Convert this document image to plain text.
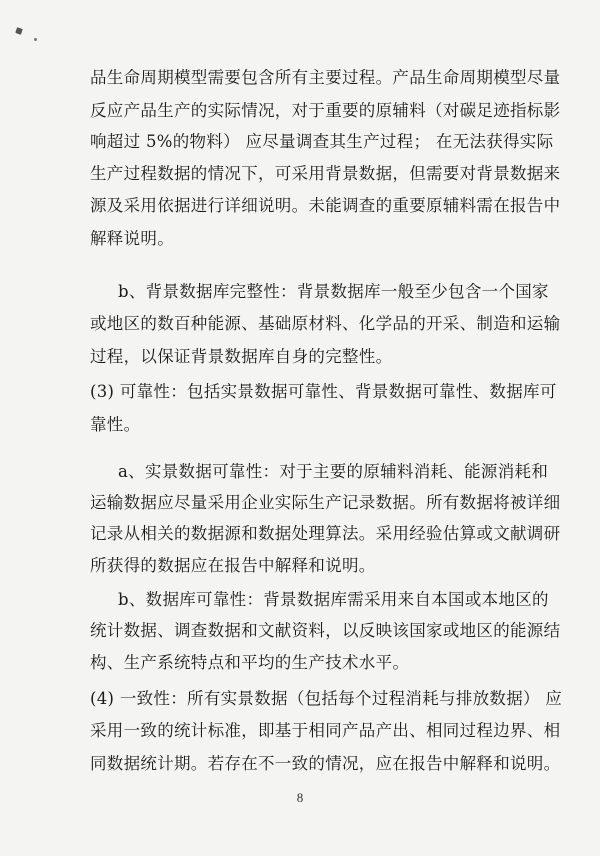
品生命周期模型需要包含所有主要过程。产品生命周期模型尽量
反应产品生产的实际情况，对于重要的原辅料（对碳足迹指标影
响超过 5%的物料） 应尽量调查其生产过程； 在无法获得实际
生产过程数据的情况下，可采用背景数据，但需要对背景数据来
源及采用依据进行详细说明。未能调查的重要原辅料需在报告中
解释说明。
b、背景数据库完整性：背景数据库一般至少包含一个国家
或地区的数百种能源、基础原材料、化学品的开采、制造和运输
过程，以保证背景数据库自身的完整性。
(3) 可靠性：包括实景数据可靠性、背景数据可靠性、数据库可
靠性。
a、实景数据可靠性：对于主要的原辅料消耗、能源消耗和
运输数据应尽量采用企业实际生产记录数据。所有数据将被详细
记录从相关的数据源和数据处理算法。采用经验估算或文献调研
所获得的数据应在报告中解释和说明。
b、数据库可靠性：背景数据库需采用来自本国或本地区的
统计数据、调查数据和文献资料，以反映该国家或地区的能源结
构、生产系统特点和平均的生产技术水平。
(4) 一致性：所有实景数据（包括每个过程消耗与排放数据） 应
采用一致的统计标准，即基于相同产品产出、相同过程边界、相
同数据统计期。若存在不一致的情况，应在报告中解释和说明。
8
